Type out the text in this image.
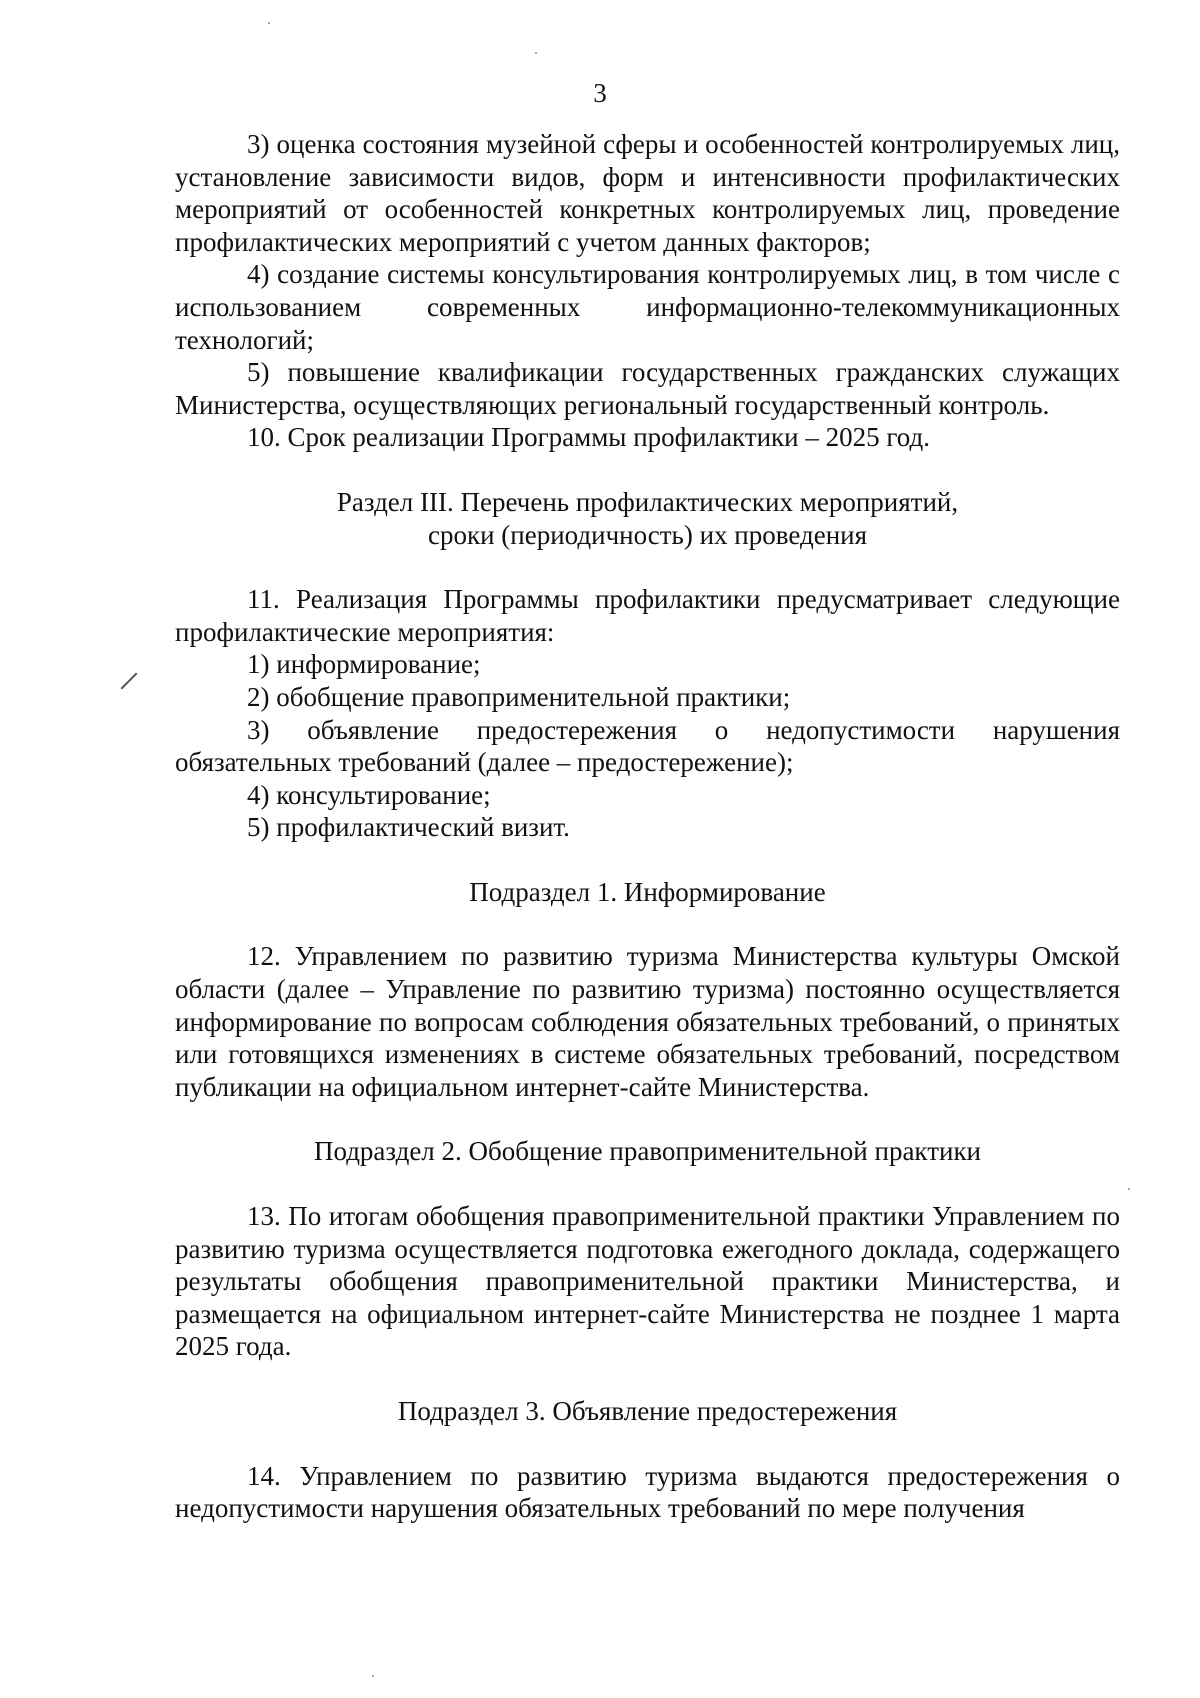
3

3) оценка состояния музейной сферы и особенностей контролируемых лиц, установление зависимости видов, форм и интенсивности профилактических мероприятий от особенностей конкретных контролируемых лиц, проведение профилактических мероприятий с учетом данных факторов;

4) создание системы консультирования контролируемых лиц, в том числе с использованием современных информационно-телекоммуникационных технологий;

5) повышение квалификации государственных гражданских служащих Министерства, осуществляющих региональный государственный контроль.

10. Срок реализации Программы профилактики – 2025 год.

Раздел III. Перечень профилактических мероприятий,

сроки (периодичность) их проведения

11. Реализация Программы профилактики предусматривает следующие профилактические мероприятия:

1) информирование;

2) обобщение правоприменительной практики;

3) объявление предостережения о недопустимости нарушения обязательных требований (далее – предостережение);

4) консультирование;

5) профилактический визит.

Подраздел 1. Информирование

12. Управлением по развитию туризма Министерства культуры Омской области (далее – Управление по развитию туризма) постоянно осуществляется информирование по вопросам соблюдения обязательных требований, о принятых или готовящихся изменениях в системе обязательных требований, посредством публикации на официальном интернет-сайте Министерства.

Подраздел 2. Обобщение правоприменительной практики

13. По итогам обобщения правоприменительной практики Управлением по развитию туризма осуществляется подготовка ежегодного доклада, содержащего результаты обобщения правоприменительной практики Министерства, и размещается на официальном интернет-сайте Министерства не позднее 1 марта 2025 года.

Подраздел 3. Объявление предостережения

14. Управлением по развитию туризма выдаются предостережения о недопустимости нарушения обязательных требований по мере получения
